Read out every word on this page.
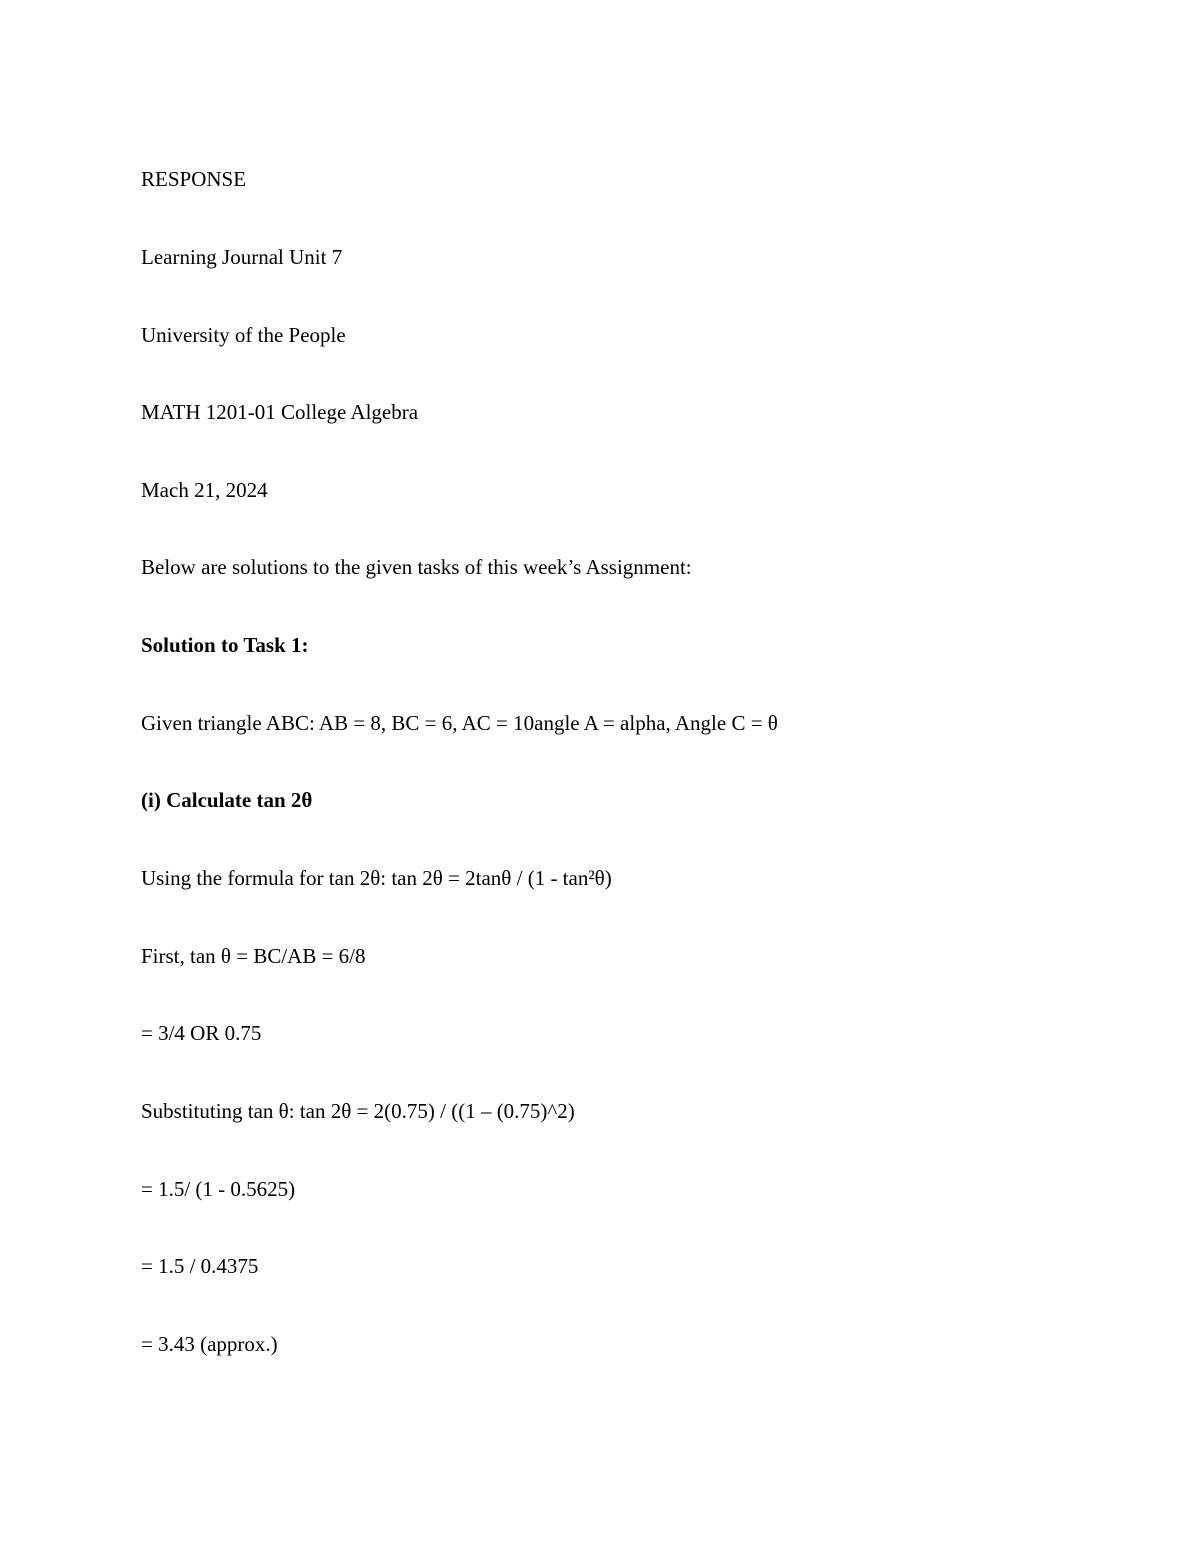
RESPONSE
Learning Journal Unit 7
University of the People
MATH 1201-01 College Algebra
Mach 21, 2024
Below are solutions to the given tasks of this week’s Assignment:
Solution to Task 1:
Given triangle ABC: AB = 8, BC = 6, AC = 10angle A = alpha, Angle C = θ
(i) Calculate tan 2θ
Using the formula for tan 2θ: tan 2θ = 2tanθ / (1 - tan²θ)
First, tan θ = BC/AB = 6/8
= 3/4 OR 0.75
Substituting tan θ: tan 2θ = 2(0.75) / ((1 – (0.75)^2)
= 1.5/ (1 - 0.5625)
= 1.5 / 0.4375
= 3.43 (approx.)
